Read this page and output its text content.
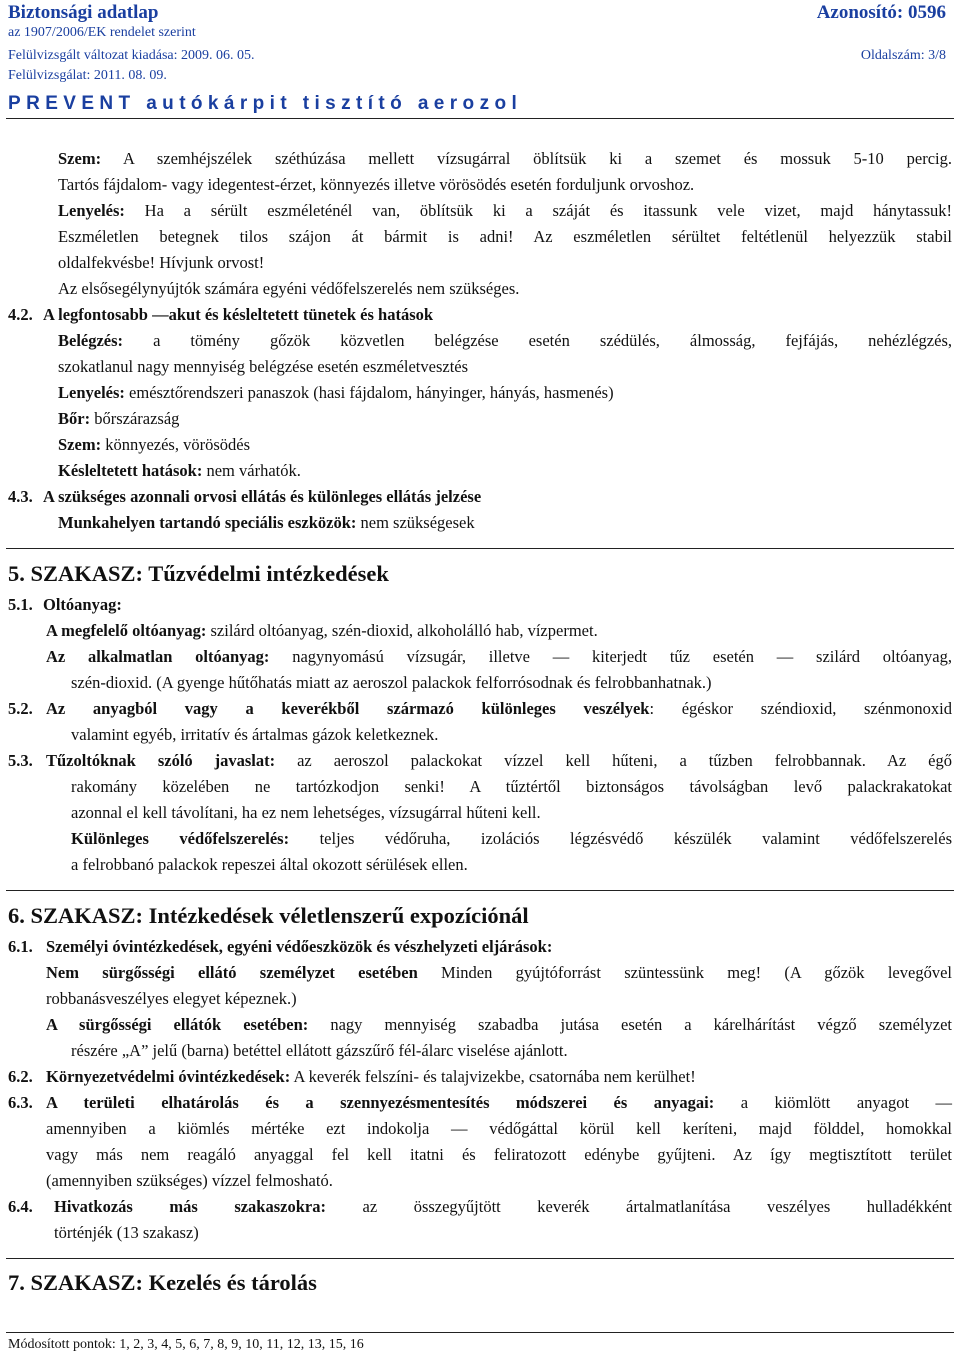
Biztonsági adatlap	Azonosító: 0596
az 1907/2006/EK rendelet szerint
Felülvizsgált változat kiadása: 2009. 06. 05.	Oldalszám: 3/8
Felülvizsgálat: 2011. 08. 09.
PREVENT autókárpit tisztító aerozol
Szem: A szemhéjszélek széthúzása mellett vízsugárral öblítsük ki a szemet és mossuk 5-10 percig.
Tartós fájdalom- vagy idegentest-érzet, könnyezés illetve vörösödés esetén forduljunk orvoshoz.
Lenyelés: Ha a sérült eszméleténél van, öblítsük ki a száját és itassunk vele vizet, majd hánytassuk!
Eszméletlen betegnek tilos szájon át bármit is adni! Az eszméletlen sérültet feltétlenül helyezzük stabil
oldalfekvésbe! Hívjunk orvost!
Az elsősegélynyújtók számára egyéni védőfelszerelés nem szükséges.
4.2. A legfontosabb —akut és késleltetett tünetek és hatások
Belégzés: a tömény gőzök közvetlen belégzése esetén szédülés, álmosság, fejfájás, nehézlégzés,
szokatlanul nagy mennyiség belégzése esetén eszméletvesztés
Lenyelés: emésztőrendszeri panaszok (hasi fájdalom, hányinger, hányás, hasmenés)
Bőr: bőrszárazság
Szem: könnyezés, vörösödés
Késleltetett hatások: nem várhatók.
4.3. A szükséges azonnali orvosi ellátás és különleges ellátás jelzése
Munkahelyen tartandó speciális eszközök: nem szükségesek
5. SZAKASZ: Tűzvédelmi intézkedések
5.1. Oltóanyag:
A megfelelő oltóanyag: szilárd oltóanyag, szén-dioxid, alkoholálló hab, vízpermet.
Az alkalmatlan oltóanyag: nagynyomású vízsugár, illetve — kiterjedt tűz esetén — szilárd oltóanyag,
szén-dioxid. (A gyenge hűtőhatás miatt az aeroszol palackok felforrósodnak és felrobbanhatnak.)
5.2. Az anyagból vagy a keverékből származó különleges veszélyek: égéskor széndioxid, szénmonoxid
valamint egyéb, irritatív és ártalmas gázok keletkeznek.
5.3. Tűzoltóknak szóló javaslat: az aeroszol palackokat vízzel kell hűteni, a tűzben felrobbannak. Az égő
rakomány közelében ne tartózkodjon senki! A tűztértől biztonságos távolságban levő palackrakatokat
azonnal el kell távolítani, ha ez nem lehetséges, vízsugárral hűteni kell.
Különleges védőfelszerelés: teljes védőruha, izolációs légzésvédő készülék valamint védőfelszerelés
a felrobbanó palackok repeszei által okozott sérülések ellen.
6. SZAKASZ: Intézkedések véletlenszerű expozíciónál
6.1. Személyi óvintézkedések, egyéni védőeszközök és vészhelyzeti eljárások:
Nem sürgősségi ellátó személyzet esetében Minden gyújtóforrást szüntessünk meg! (A gőzök levegővel
robbanásveszélyes elegyet képeznek.)
A sürgősségi ellátók esetében: nagy mennyiség szabadba jutása esetén a kárelhárítást végző személyzet
részére „A” jelű (barna) betéttel ellátott gázszűrő fél-álarc viselése ajánlott.
6.2. Környezetvédelmi óvintézkedések: A keverék felszíni- és talajvizekbe, csatornába nem kerülhet!
6.3. A területi elhatárolás és a szennyezésmentesítés módszerei és anyagai: a kiömlött anyagot —
amennyiben a kiömlés mértéke ezt indokolja — védőgáttal körül kell keríteni, majd földdel, homokkal
vagy más nem reagáló anyaggal fel kell itatni és feliratozott edénybe gyűjteni. Az így megtisztított terület
(amennyiben szükséges) vízzel felmosható.
6.4. Hivatkozás más szakaszokra: az összegyűjtött keverék ártalmatlanítása veszélyes hulladékként
történjék (13 szakasz)
7. SZAKASZ: Kezelés és tárolás
Módosított pontok: 1, 2, 3, 4, 5, 6, 7, 8, 9, 10, 11, 12, 13, 15, 16
